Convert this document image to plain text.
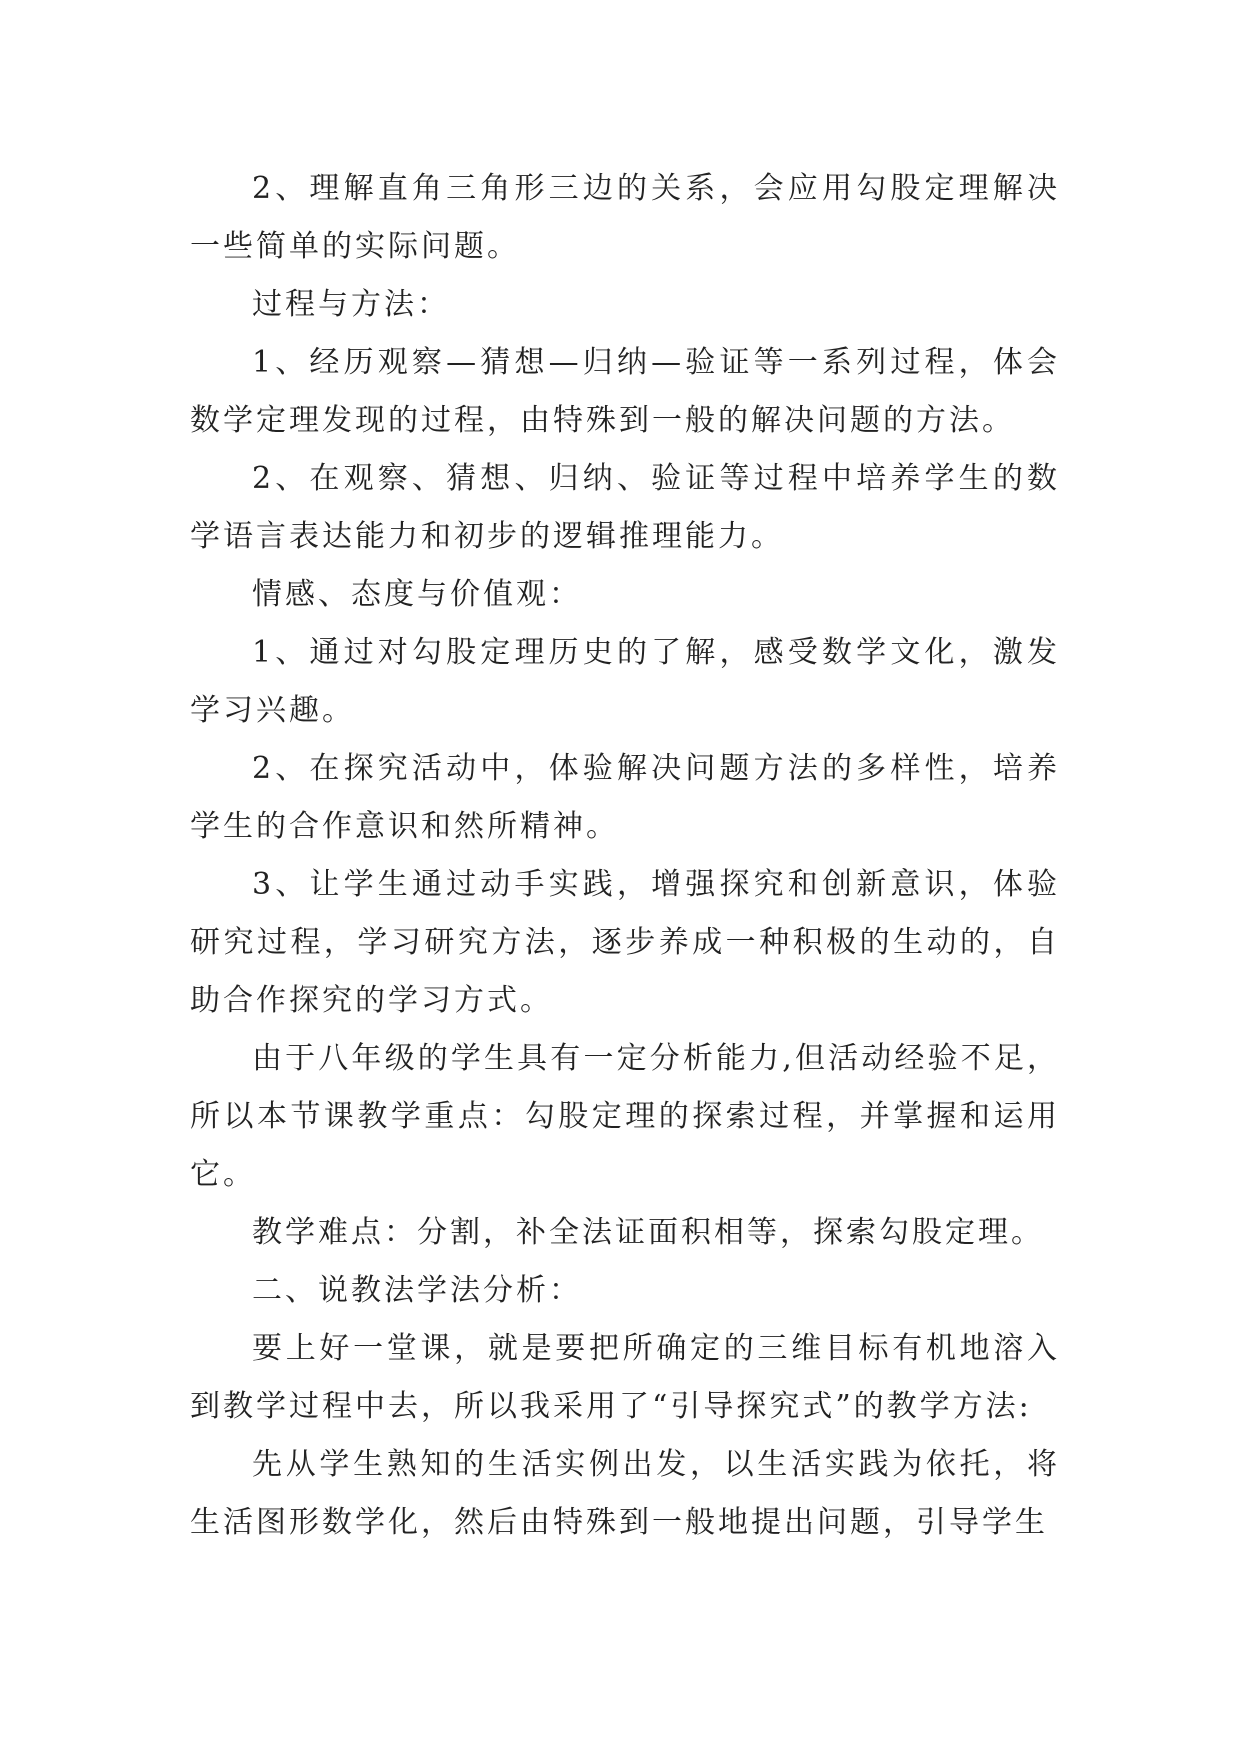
2、理解直角三角形三边的关系，会应用勾股定理解决一些简单的实际问题。

过程与方法：

1、经历观察—猜想—归纳—验证等一系列过程，体会数学定理发现的过程，由特殊到一般的解决问题的方法。

2、在观察、猜想、归纳、验证等过程中培养学生的数学语言表达能力和初步的逻辑推理能力。

情感、态度与价值观：

1、通过对勾股定理历史的了解，感受数学文化，激发学习兴趣。

2、在探究活动中，体验解决问题方法的多样性，培养学生的合作意识和然所精神。

3、让学生通过动手实践，增强探究和创新意识，体验研究过程，学习研究方法，逐步养成一种积极的生动的，自助合作探究的学习方式。

由于八年级的学生具有一定分析能力,但活动经验不足，所以本节课教学重点：勾股定理的探索过程，并掌握和运用它。

教学难点：分割，补全法证面积相等，探索勾股定理。

二、说教法学法分析：

要上好一堂课，就是要把所确定的三维目标有机地溶入到教学过程中去，所以我采用了“引导探究式”的教学方法:

先从学生熟知的生活实例出发，以生活实践为依托，将生活图形数学化，然后由特殊到一般地提出问题，引导学生
